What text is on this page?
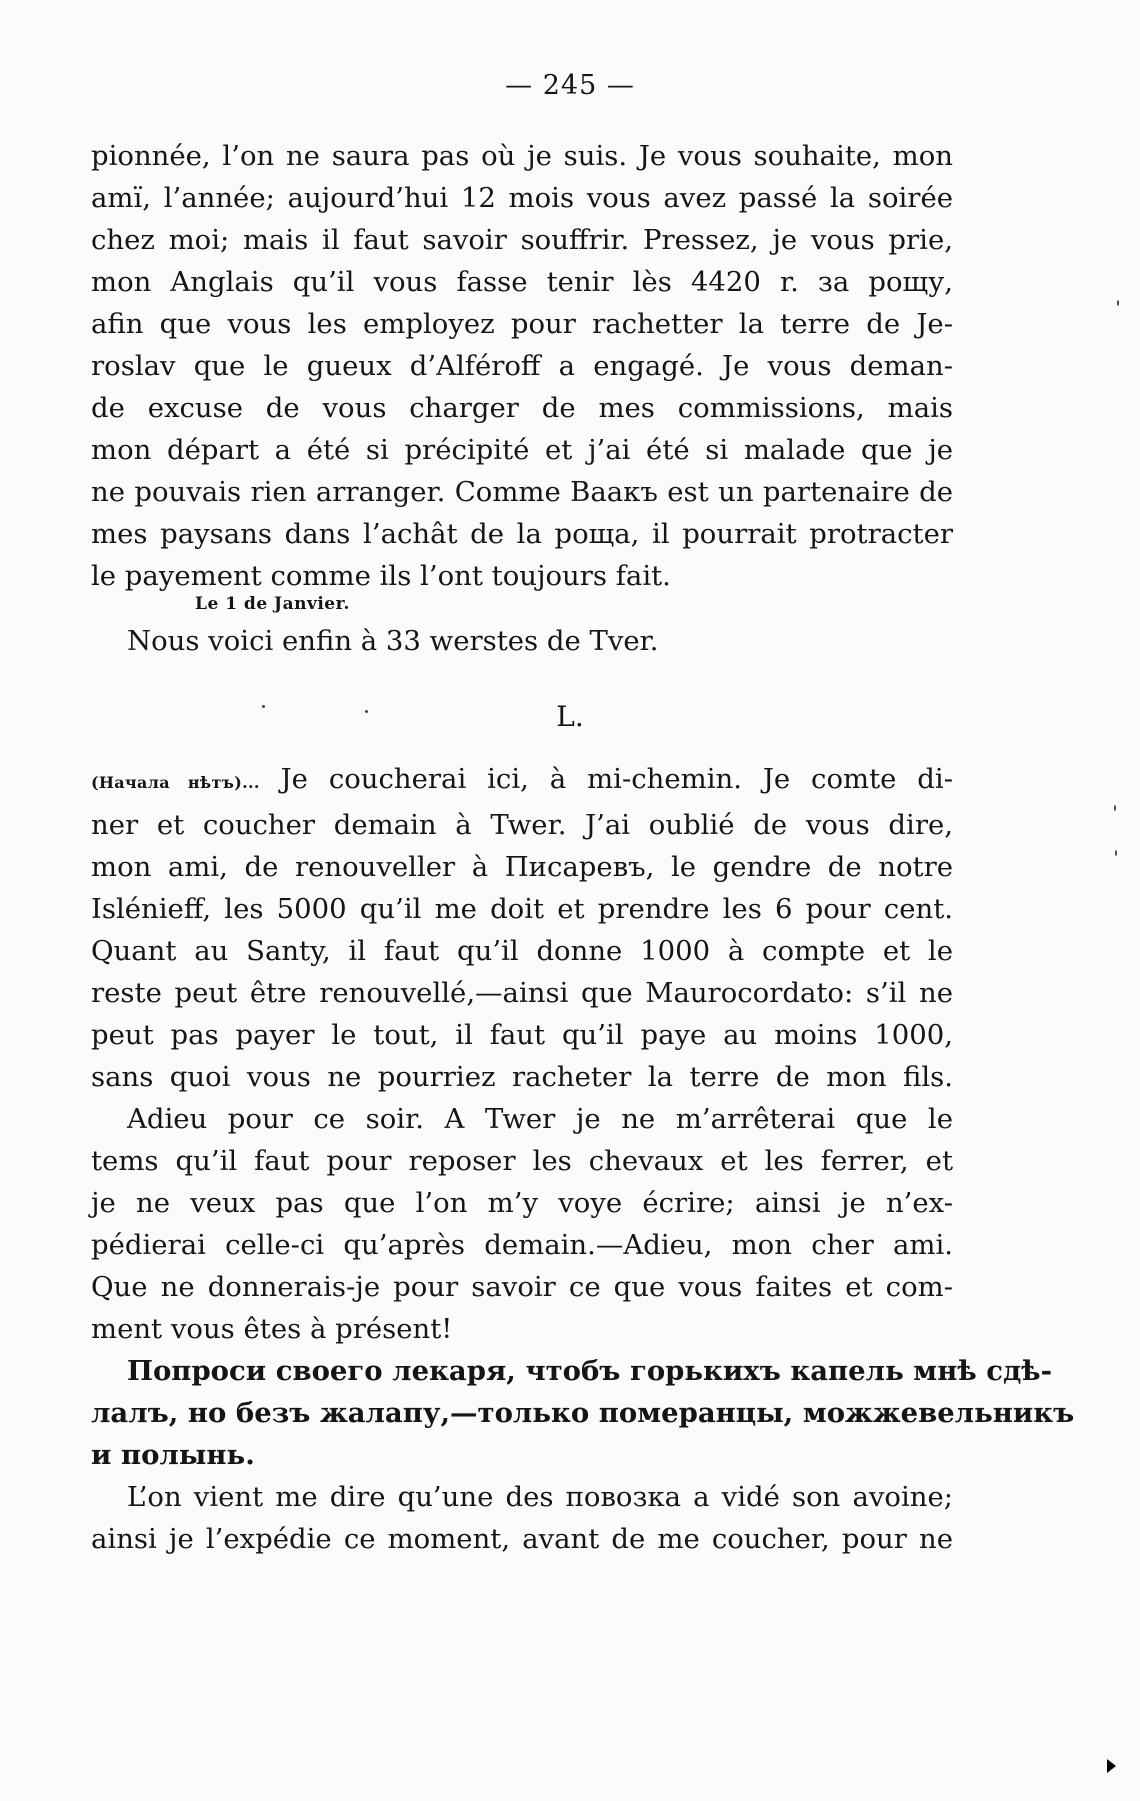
— 245 —
pionnée, l’on ne saura pas où je suis. Je vous souhaite, mon
amï, l’année; aujourd’hui 12 mois vous avez passé la soirée
chez moi; mais il faut savoir souffrir. Pressez, je vous prie,
mon Anglais qu’il vous fasse tenir lès 4420 r. за рощу,
afin que vous les employez pour rachetter la terre de Je-
roslav que le gueux d’Alféroff a engagé. Je vous deman-
de excuse de vous charger de mes commissions, mais
mon départ a été si précipité et j’ai été si malade que je
ne pouvais rien arranger. Comme Ваакъ est un partenaire de
mes paysans dans l’achât de la роща, il pourrait protracter
le payement comme ils l’ont toujours fait.
Le 1 de Janvier.
Nous voici enfin à 33 werstes de Tver.
L.
(Начала нѣтъ)... Je coucherai ici, à mi-chemin. Je comte di-
ner et coucher demain à Twer. J’ai oublié de vous dire,
mon ami, de renouveller à Писаревъ, le gendre de notre
Islénieff, les 5000 qu’il me doit et prendre les 6 pour cent.
Quant au Santy, il faut qu’il donne 1000 à compte et le
reste peut être renouvellé,—ainsi que Maurocordato: s’il ne
peut pas payer le tout, il faut qu’il paye au moins 1000,
sans quoi vous ne pourriez racheter la terre de mon fils.
Adieu pour ce soir. A Twer je ne m’arrêterai que le
tems qu’il faut pour reposer les chevaux et les ferrer, et
je ne veux pas que l’on m’y voye écrire; ainsi je n’ex-
pédierai celle-ci qu’après demain.—Adieu, mon cher ami.
Que ne donnerais-je pour savoir ce que vous faites et com-
ment vous êtes à présent!
Попроси своего лекаря, чтобъ горькихъ капель мнѣ сдѣ-
лалъ, но безъ жалапу,—только померанцы, можжевельникъ
и полынь.
L’on vient me dire qu’une des повозка a vidé son avoine;
ainsi je l’expédie ce moment, avant de me coucher, pour ne
